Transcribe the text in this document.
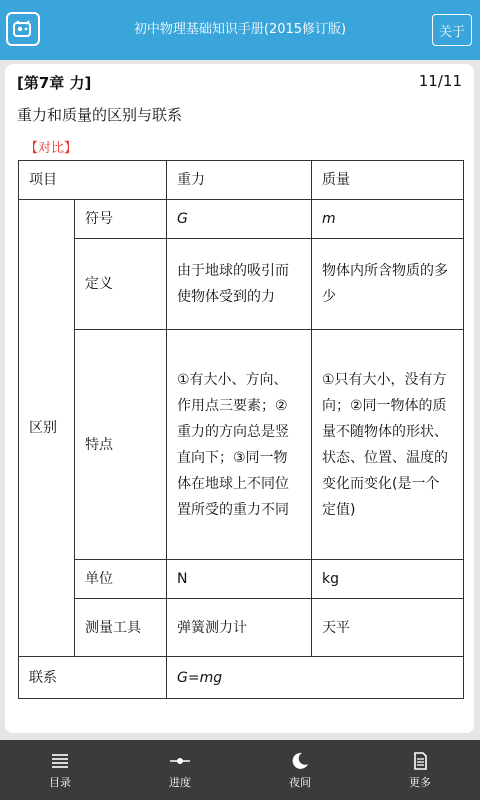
初中物理基础知识手册(2015修订版)	关于
[第7章 力]	11/11
重力和质量的区别与联系
【对比】
项目		重力	质量
区别	符号	G	m
	定义	由于地球的吸引而使物体受到的力	物体内所含物质的多少
	特点	①有大小、方向、作用点三要素；②重力的方向总是竖直向下；③同一物体在地球上不同位置所受的重力不同	①只有大小，没有方向；②同一物体的质量不随物体的形状、状态、位置、温度的变化而变化(是一个定值)
	单位	N	kg
	测量工具	弹簧测力计	天平
联系		G=mg	
目录	进度	夜间	更多
